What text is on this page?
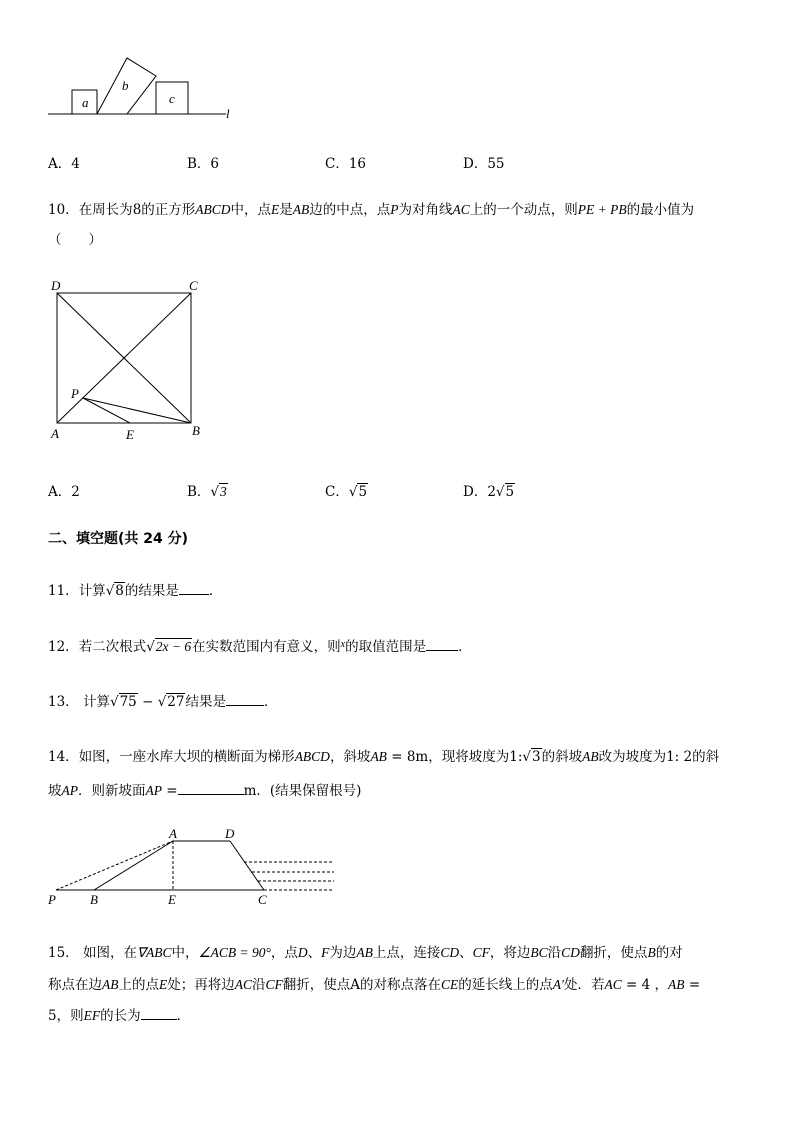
a
b
c
l
A．4	B．6	C．16	D．55
10．在周长为8的正方形ABCD中，点E是AB边的中点，点P为对角线AC上的一个动点，则PE + PB的最小值为
（　　）
D	C
P
A	E	B
A．2	B．√3	C．√5	D．2√5
二、填空题(共 24 分)
11．计算√8的结果是 ．
12．若二次根式√2x − 6在实数范围内有意义，则$^x$的取值范围是 ．
13． 计算√75 − √27结果是	．
14．如图，一座水库大坝的横断面为梯形ABCD，斜坡AB = 8m，现将坡度为1:√3的斜坡AB改为坡度为1: 2的斜
坡AP．则新坡面AP =	m．(结果保留根号)
A	D
P	B	E	C
15． 如图，在∇ABC中，∠ACB = 90°，点D、F为边AB上点，连接CD、CF，将边BC沿CD翻折，使点B的对
称点在边AB上的点E处；再将边AC沿CF翻折，使点A的对称点落在CE的延长线上的点A′处．若AC = 4 ，AB =
5，则EF的长为	．
